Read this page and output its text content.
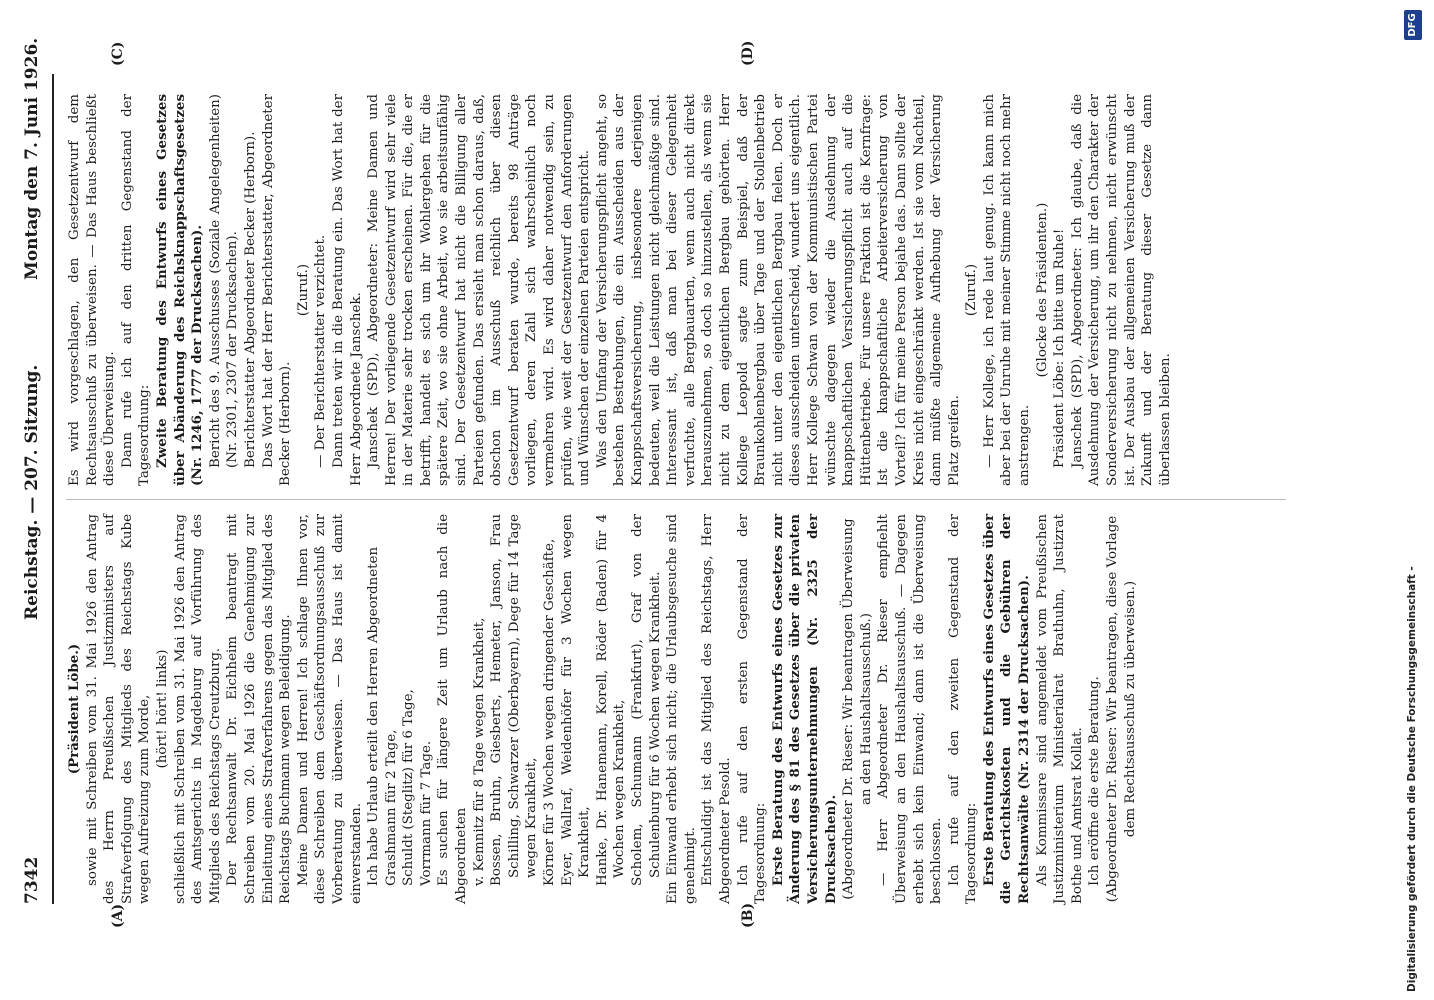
7342
Reichstag. — 207. Sitzung.
Montag den 7. Juni 1926.
(A)	(B)
(C)	(D)

(Präsident Löbe.) sowie mit Schreiben vom 31. Mai 1926 den Antrag des Herrn Preußischen Justizministers auf Strafverfolgung des Mitglieds des Reichstags Kube wegen Aufreizung zum Morde, (hört! hört! links) schließlich mit Schreiben vom 31. Mai 1926 den Antrag des Amtsgerichts in Magdeburg auf Vorführung des Mitglieds des Reichstags Creutzburg. Der Rechtsanwalt Dr. Eichheim beantragt mit Schreiben vom 20. Mai 1926 die Genehmigung zur Einleitung eines Strafverfahrens gegen das Mitglied des Reichstags Buchmann wegen Beleidigung. Meine Damen und Herren! Ich schlage Ihnen vor, diese Schreiben dem Geschäftsordnungsausschuß zur Vorberatung zu überweisen. — Das Haus ist damit einverstanden. Ich habe Urlaub erteilt den Herren Abgeordneten Grashmann für 2 Tage, Schuldt (Steglitz) für 6 Tage, Vorrmann für 7 Tage. Es suchen für längere Zeit um Urlaub nach die Abgeordneten v. Kemnitz für 8 Tage wegen Krankheit, Bossen, Bruhn, Giesberts, Hemeter, Janson, Frau Schilling, Schwarzer (Oberbayern), Dege für 14 Tage wegen Krankheit, Körner für 3 Wochen wegen dringender Geschäfte, Eyer, Wallraf, Weidenhöfer für 3 Wochen wegen Krankheit, Hanke, Dr. Hanemann, Korell, Röder (Baden) für 4 Wochen wegen Krankheit, Scholem, Schumann (Frankfurt), Graf von der Schulenburg für 6 Wochen wegen Krankheit. Ein Einwand erhebt sich nicht; die Urlaubsgesuche sind genehmigt. Entschuldigt ist das Mitglied des Reichstags, Herr Abgeordneter Pesold. Ich rufe auf den ersten Gegenstand der Tagesordnung: Erste Beratung des Entwurfs eines Gesetzes zur Änderung des § 81 des Gesetzes über die privaten Versicherungsunternehmungen (Nr. 2325 der Drucksachen). (Abgeordneter Dr. Rieser: Wir beantragen Überweisung an den Haushaltsausschuß.) — Herr Abgeordneter Dr. Rieser empfiehlt Überweisung an den Haushaltsausschuß. — Dagegen erhebt sich kein Einwand; dann ist die Überweisung beschlossen. Ich rufe auf den zweiten Gegenstand der Tagesordnung: Erste Beratung des Entwurfs eines Gesetzes über die Gerichtskosten und die Gebühren der Rechtsanwälte (Nr. 2314 der Drucksachen). Als Kommissare sind angemeldet vom Preußischen Justizministerium Ministerialrat Brathuhn, Justizrat Bothe und Amtsrat Kollat. Ich eröffne die erste Beratung. (Abgeordneter Dr. Rieser: Wir beantragen, diese Vorlage dem Rechtsausschuß zu überweisen.)

Es wird vorgeschlagen, den Gesetzentwurf dem Rechtsausschuß zu überweisen. — Das Haus beschließt diese Überweisung. Dann rufe ich auf den dritten Gegenstand der Tagesordnung: Zweite Beratung des Entwurfs eines Gesetzes über Abänderung des Reichsknappschaftsgesetzes (Nr. 1246, 1777 der Drucksachen). Bericht des 9. Ausschusses (Soziale Angelegenheiten) (Nr. 2301, 2307 der Drucksachen). Berichterstatter Abgeordneter Becker (Herborn). Das Wort hat der Herr Berichterstatter, Abgeordneter Becker (Herborn).

(Zuruf.) — Der Berichterstatter verzichtet. Dann treten wir in die Beratung ein. Das Wort hat der Herr Abgeordnete Janschek. Janschek (SPD), Abgeordneter: Meine Damen und Herren! Der vorliegende Gesetzentwurf wird sehr viele in der Materie sehr trocken erscheinen. Für die, die er betrifft, handelt es sich um ihr Wohlergehen für die spätere Zeit, wo sie ohne Arbeit, wo sie arbeitsunfähig sind. Der Gesetzentwurf hat nicht die Billigung aller Parteien gefunden. Das ersieht man schon daraus, daß, obschon im Ausschuß reichlich über diesen Gesetzentwurf beraten wurde, bereits 98 Anträge vorliegen, deren Zahl sich wahrscheinlich noch vermehren wird. Es wird daher notwendig sein, zu prüfen, wie weit der Gesetzentwurf den Anforderungen und Wünschen der einzelnen Parteien entspricht. Was den Umfang der Versicherungspflicht angeht, so bestehen Bestrebungen, die ein Ausscheiden aus der Knappschaftsversicherung, insbesondere derjenigen bedeuten, weil die Leistungen nicht gleichmäßige sind. Interessant ist, daß man bei dieser Gelegenheit verfuchte, alle Bergbauarten, wenn auch nicht direkt herauszunehmen, so doch so hinzustellen, als wenn sie nicht zu dem eigentlichen Bergbau gehörten. Herr Kollege Leopold sagte zum Beispiel, daß der Braunkohlenbergbau über Tage und der Stollenbetrieb nicht unter den eigentlichen Bergbau fielen. Doch er dieses ausscheiden unterscheid, wundert uns eigentlich. Herr Kollege Schwan von der Kommunistischen Partei wünschte dagegen wieder die Ausdehnung der knappschaftlichen Versicherungspflicht auch auf die Hüttenbetriebe. Für unsere Fraktion ist die Kernfrage: Ist die knappschaftliche Arbeiterversicherung von Vorteil? Ich für meine Person bejahe das. Dann sollte der Kreis nicht eingeschränkt werden. Ist sie vom Nachteil, dann müßte allgemeine Aufhebung der Versicherung Platz greifen.

(Zuruf.) — Herr Kollege, ich rede laut genug. Ich kann mich aber bei der Unruhe mit meiner Stimme nicht noch mehr anstrengen.

(Glocke des Präsidenten.) Präsident Löbe: Ich bitte um Ruhe! Janschek (SPD), Abgeordneter: Ich glaube, daß die Ausdehnung der Versicherung, um ihr den Charakter der Sonderversicherung nicht zu nehmen, nicht erwünscht ist. Der Ausbau der allgemeinen Versicherung muß der Zukunft und der Beratung dieser Gesetze dann überlassen bleiben.

Digitalisierung gefördert durch die Deutsche Forschungsgemeinschaft -
DFG
